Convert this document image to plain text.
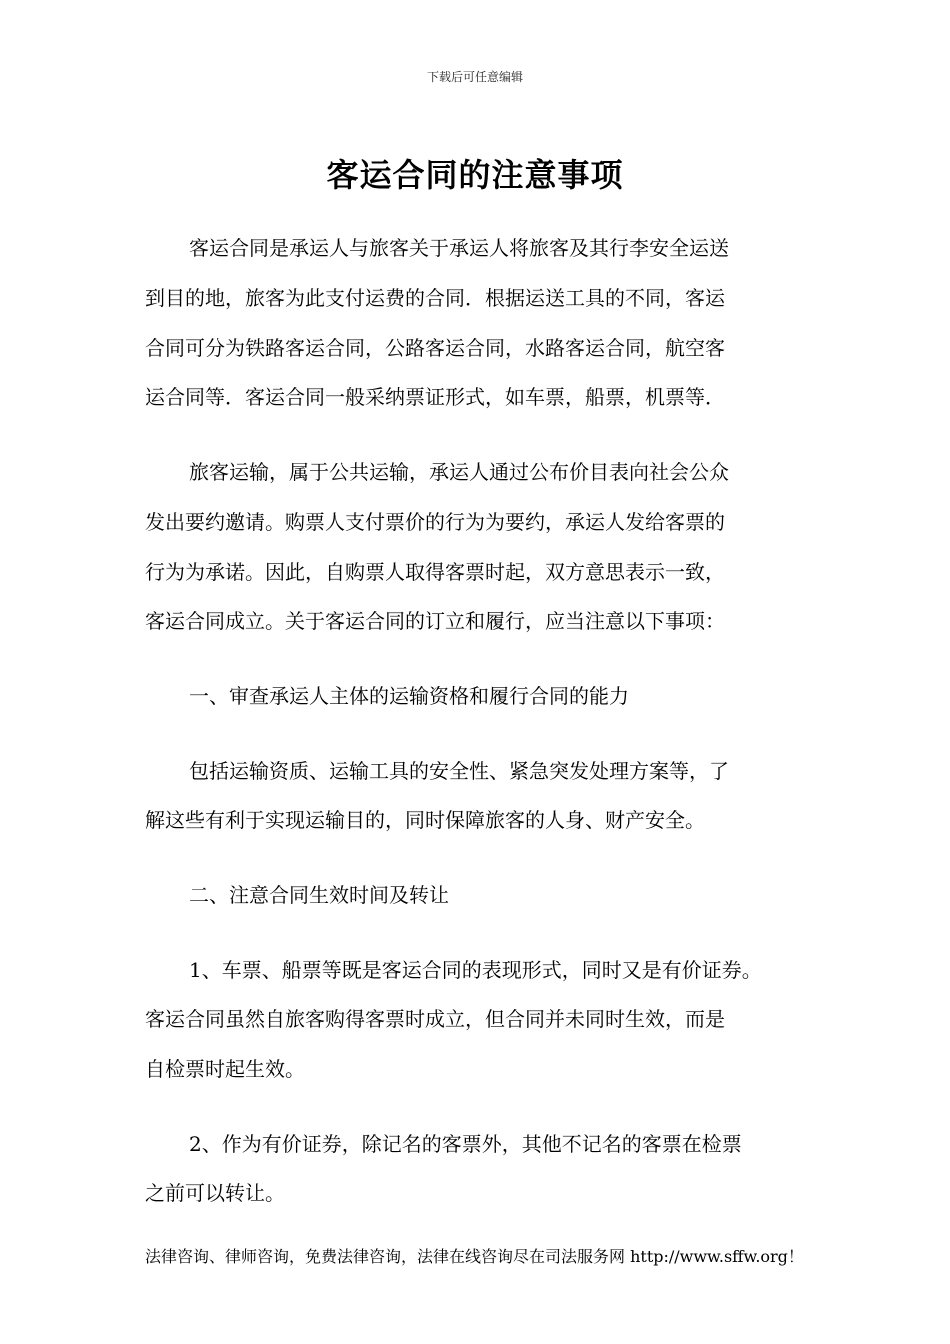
下载后可任意编辑
客运合同的注意事项
客运合同是承运人与旅客关于承运人将旅客及其行李安全运送
到目的地，旅客为此支付运费的合同．根据运送工具的不同，客运
合同可分为铁路客运合同，公路客运合同，水路客运合同，航空客
运合同等．客运合同一般采纳票证形式，如车票，船票，机票等．
旅客运输，属于公共运输，承运人通过公布价目表向社会公众
发出要约邀请。购票人支付票价的行为为要约，承运人发给客票的
行为为承诺。因此，自购票人取得客票时起，双方意思表示一致，
客运合同成立。关于客运合同的订立和履行，应当注意以下事项：
一、审查承运人主体的运输资格和履行合同的能力
包括运输资质、运输工具的安全性、紧急突发处理方案等，了
解这些有利于实现运输目的，同时保障旅客的人身、财产安全。
二、注意合同生效时间及转让
1、车票、船票等既是客运合同的表现形式，同时又是有价证券。
客运合同虽然自旅客购得客票时成立，但合同并未同时生效，而是
自检票时起生效。
2、作为有价证券，除记名的客票外，其他不记名的客票在检票
之前可以转让。
法律咨询、律师咨询，免费法律咨询，法律在线咨询尽在司法服务网 http://www.sffw.org！
